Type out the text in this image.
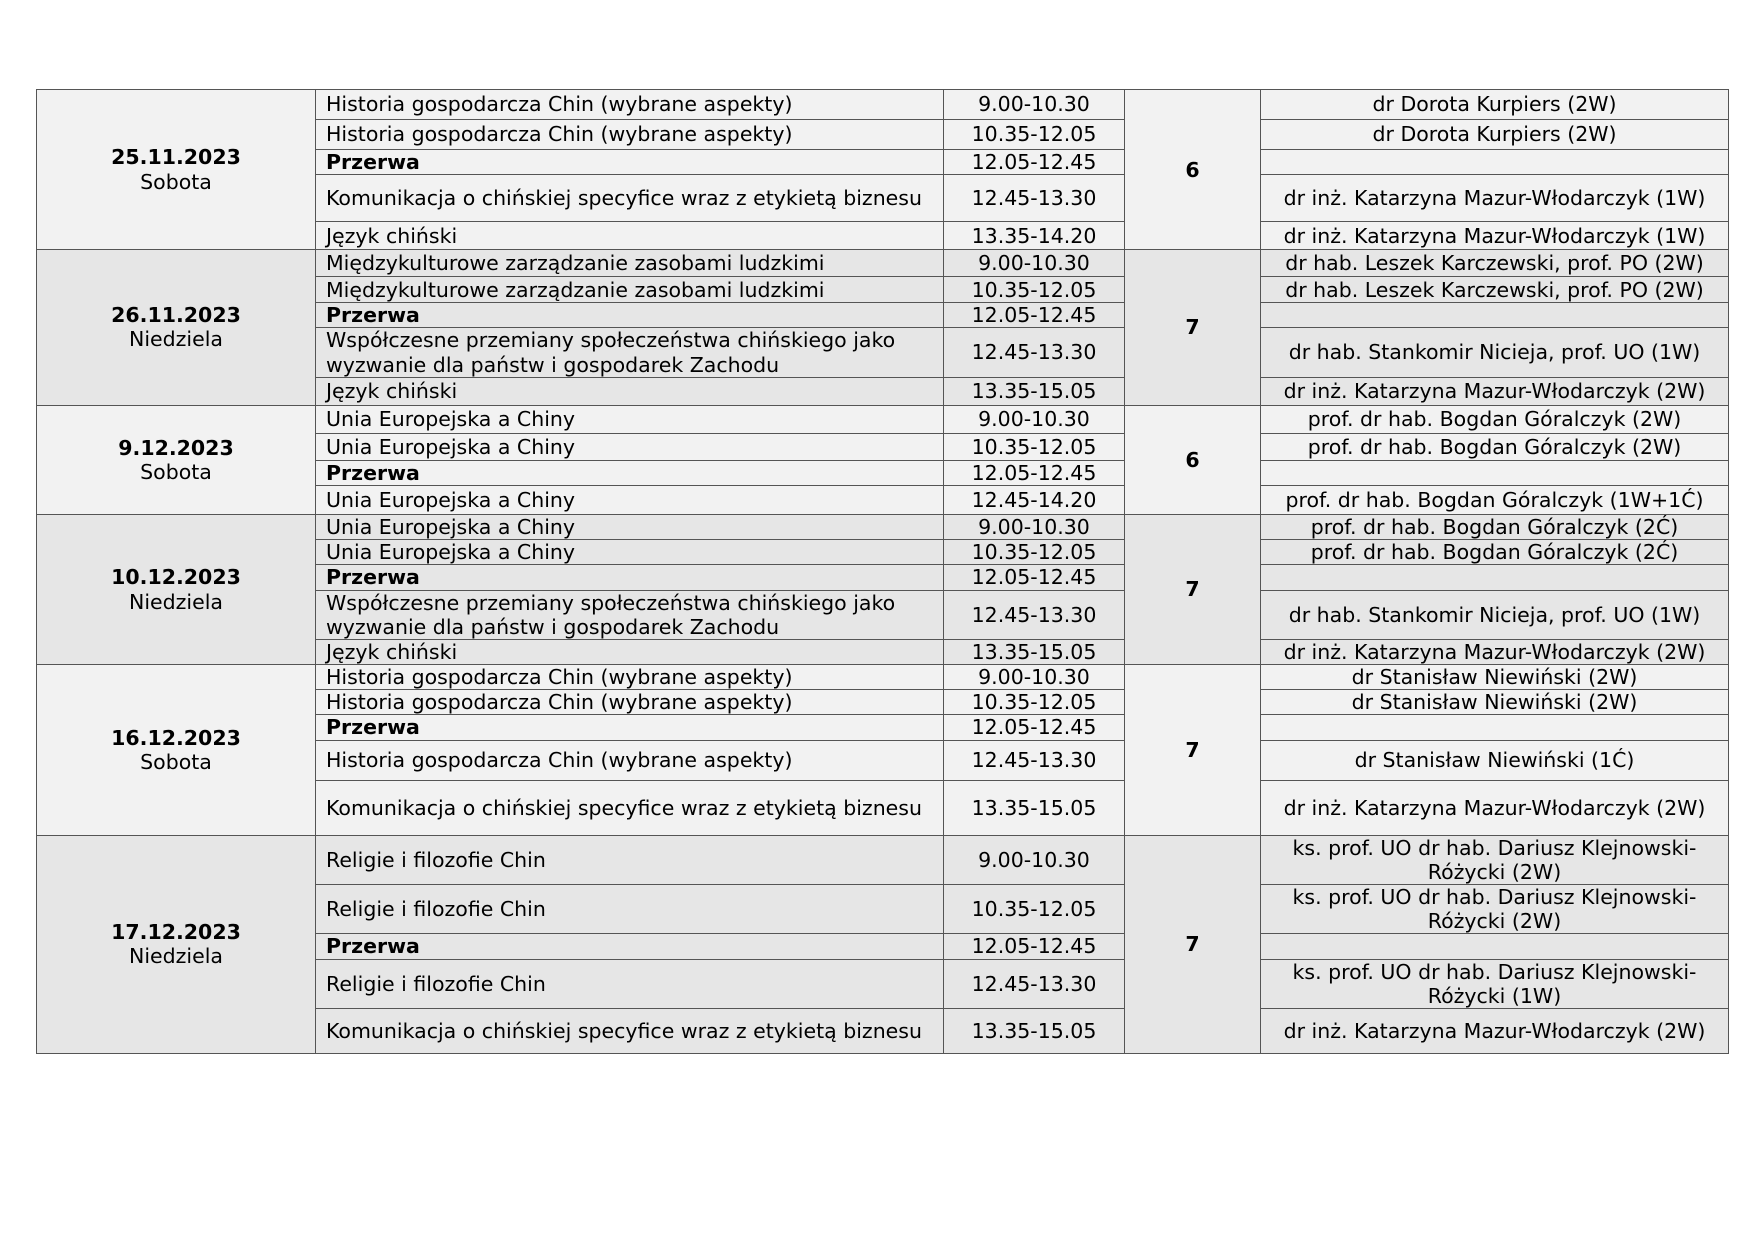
25.11.2023
Sobota	Historia gospodarcza Chin (wybrane aspekty)	9.00-10.30	6	dr Dorota Kurpiers (2W)
	Historia gospodarcza Chin (wybrane aspekty)	10.35-12.05		dr Dorota Kurpiers (2W)
	Przerwa	12.05-12.45		
	Komunikacja o chińskiej specyfice wraz z etykietą biznesu	12.45-13.30		dr inż. Katarzyna Mazur-Włodarczyk (1W)
	Język chiński	13.35-14.20		dr inż. Katarzyna Mazur-Włodarczyk (1W)

26.11.2023
Niedziela	Międzykulturowe zarządzanie zasobami ludzkimi	9.00-10.30	7	dr hab. Leszek Karczewski, prof. PO (2W)
	Międzykulturowe zarządzanie zasobami ludzkimi	10.35-12.05		dr hab. Leszek Karczewski, prof. PO (2W)
	Przerwa	12.05-12.45		
	Współczesne przemiany społeczeństwa chińskiego jako wyzwanie dla państw i gospodarek Zachodu	12.45-13.30		dr hab. Stankomir Nicieja, prof. UO (1W)
	Język chiński	13.35-15.05		dr inż. Katarzyna Mazur-Włodarczyk (2W)

9.12.2023
Sobota	Unia Europejska a Chiny	9.00-10.30	6	prof. dr hab. Bogdan Góralczyk (2W)
	Unia Europejska a Chiny	10.35-12.05		prof. dr hab. Bogdan Góralczyk (2W)
	Przerwa	12.05-12.45		
	Unia Europejska a Chiny	12.45-14.20		prof. dr hab. Bogdan Góralczyk (1W+1Ć)

10.12.2023
Niedziela	Unia Europejska a Chiny	9.00-10.30	7	prof. dr hab. Bogdan Góralczyk (2Ć)
	Unia Europejska a Chiny	10.35-12.05		prof. dr hab. Bogdan Góralczyk (2Ć)
	Przerwa	12.05-12.45		
	Współczesne przemiany społeczeństwa chińskiego jako wyzwanie dla państw i gospodarek Zachodu	12.45-13.30		dr hab. Stankomir Nicieja, prof. UO (1W)
	Język chiński	13.35-15.05		dr inż. Katarzyna Mazur-Włodarczyk (2W)

16.12.2023
Sobota	Historia gospodarcza Chin (wybrane aspekty)	9.00-10.30	7	dr Stanisław Niewiński (2W)
	Historia gospodarcza Chin (wybrane aspekty)	10.35-12.05		dr Stanisław Niewiński (2W)
	Przerwa	12.05-12.45		
	Historia gospodarcza Chin (wybrane aspekty)	12.45-13.30		dr Stanisław Niewiński (1Ć)
	Komunikacja o chińskiej specyfice wraz z etykietą biznesu	13.35-15.05		dr inż. Katarzyna Mazur-Włodarczyk (2W)

17.12.2023
Niedziela	Religie i filozofie Chin	9.00-10.30	7	ks. prof. UO dr hab. Dariusz Klejnowski-Różycki (2W)
	Religie i filozofie Chin	10.35-12.05		ks. prof. UO dr hab. Dariusz Klejnowski-Różycki (2W)
	Przerwa	12.05-12.45		
	Religie i filozofie Chin	12.45-13.30		ks. prof. UO dr hab. Dariusz Klejnowski-Różycki (1W)
	Komunikacja o chińskiej specyfice wraz z etykietą biznesu	13.35-15.05		dr inż. Katarzyna Mazur-Włodarczyk (2W)
